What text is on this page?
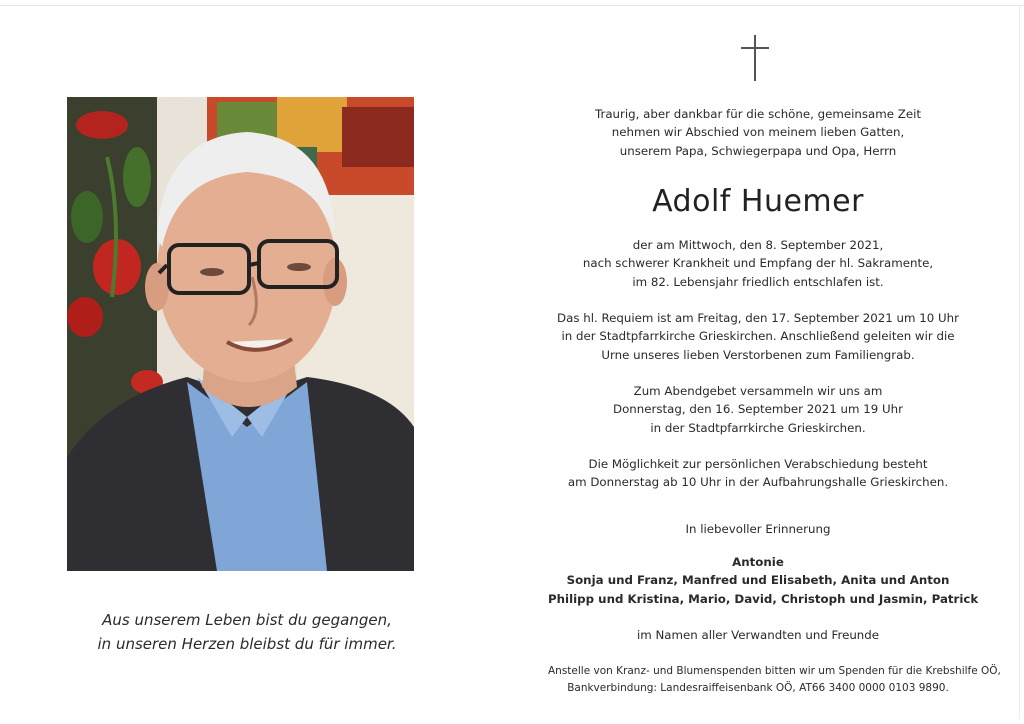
Aus unserem Leben bist du gegangen,
in unseren Herzen bleibst du für immer.
Traurig, aber dankbar für die schöne, gemeinsame Zeit
nehmen wir Abschied von meinem lieben Gatten,
unserem Papa, Schwiegerpapa und Opa, Herrn
Adolf Huemer
der am Mittwoch, den 8. September 2021,
nach schwerer Krankheit und Empfang der hl. Sakramente,
im 82. Lebensjahr friedlich entschlafen ist.
Das hl. Requiem ist am Freitag, den 17. September 2021 um 10 Uhr
in der Stadtpfarrkirche Grieskirchen. Anschließend geleiten wir die
Urne unseres lieben Verstorbenen zum Familiengrab.
Zum Abendgebet versammeln wir uns am
Donnerstag, den 16. September 2021 um 19 Uhr
in der Stadtpfarrkirche Grieskirchen.
Die Möglichkeit zur persönlichen Verabschiedung besteht
am Donnerstag ab 10 Uhr in der Aufbahrungshalle Grieskirchen.
In liebevoller Erinnerung
Antonie
Sonja und Franz, Manfred und Elisabeth, Anita und Anton
Philipp und Kristina, Mario, David, Christoph und Jasmin, Patrick
im Namen aller Verwandten und Freunde
Anstelle von Kranz- und Blumenspenden bitten wir um Spenden für die Krebshilfe OÖ,
Bankverbindung: Landesraiffeisenbank OÖ, AT66 3400 0000 0103 9890.
